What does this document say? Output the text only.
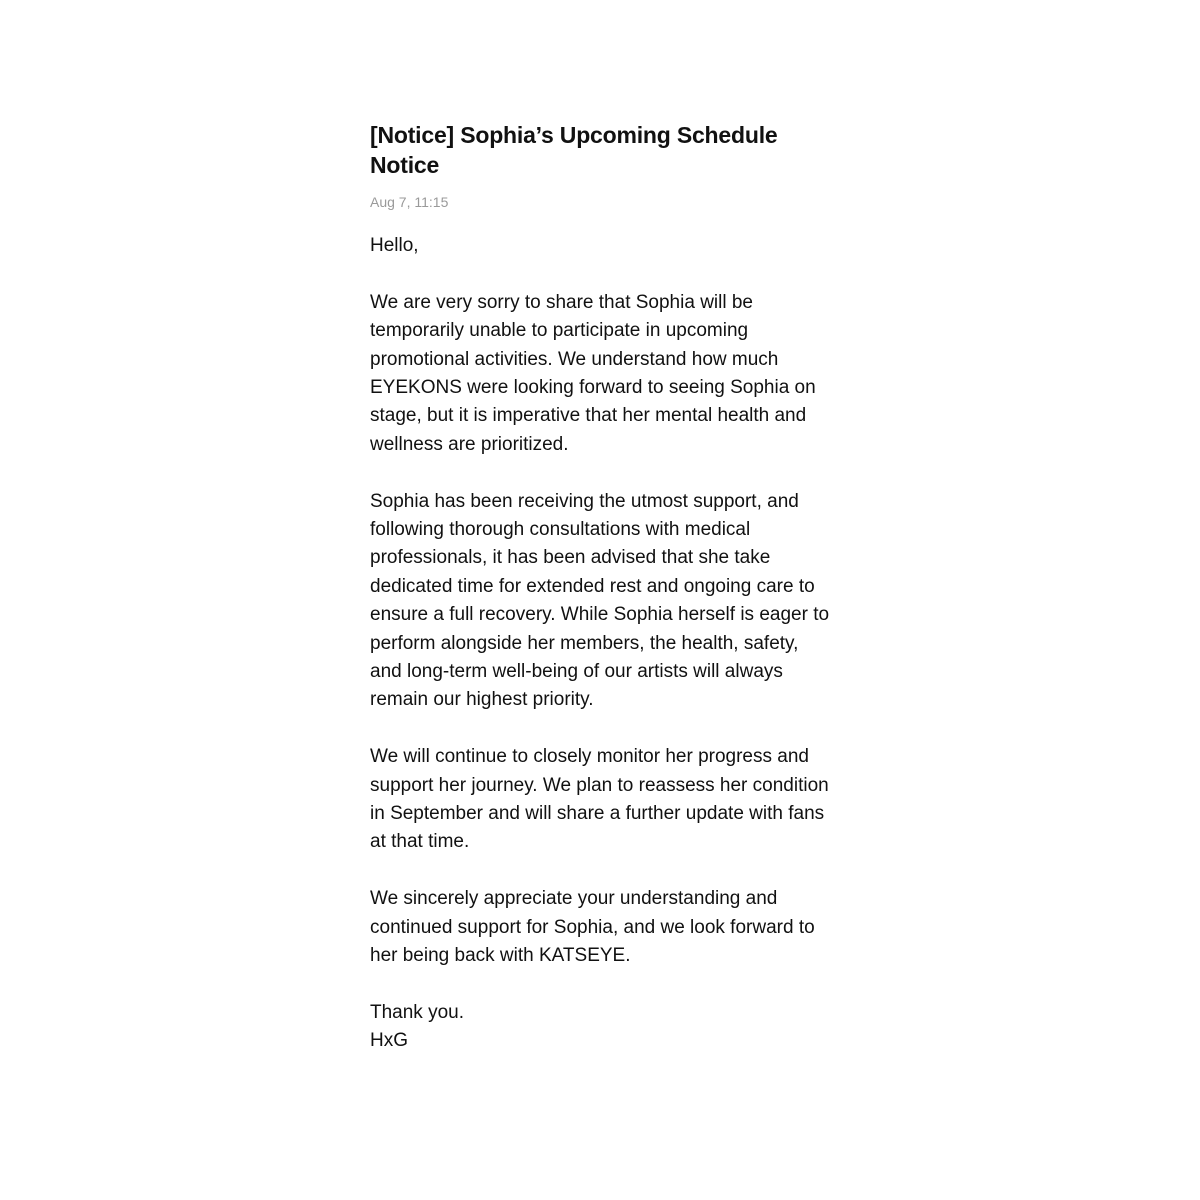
[Notice] Sophia’s Upcoming Schedule
Notice
Aug 7, 11:15

Hello,

We are very sorry to share that Sophia will be
temporarily unable to participate in upcoming
promotional activities. We understand how much
EYEKONS were looking forward to seeing Sophia on
stage, but it is imperative that her mental health and
wellness are prioritized.

Sophia has been receiving the utmost support, and
following thorough consultations with medical
professionals, it has been advised that she take
dedicated time for extended rest and ongoing care to
ensure a full recovery. While Sophia herself is eager to
perform alongside her members, the health, safety,
and long-term well-being of our artists will always
remain our highest priority.

We will continue to closely monitor her progress and
support her journey. We plan to reassess her condition
in September and will share a further update with fans
at that time.

We sincerely appreciate your understanding and
continued support for Sophia, and we look forward to
her being back with KATSEYE.

Thank you.
HxG
